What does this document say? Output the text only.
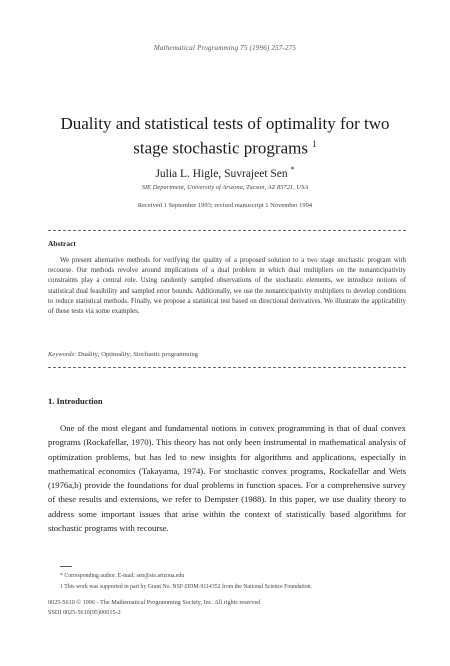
Mathematical Programming 75 (1996) 257-275
Duality and statistical tests of optimality for two
stage stochastic programs $^1$
Julia L. Higle, Suvrajeet Sen *
SIE Department, University of Arizona, Tucson, AZ 85721, USA
Received 1 September 1993; revised manuscript 1 November 1994
Abstract
We present alternative methods for verifying the quality of a proposed solution to a two stage stochastic program with recourse. Our methods revolve around implications of a dual problem in which dual multipliers on the nonanticipativity constraints play a central role. Using randomly sampled observations of the stochastic elements, we introduce notions of statistical dual feasibility and sampled error bounds. Additionally, we use the nonanticipativity multipliers to develop conditions to reduce statistical methods. Finally, we propose a statistical test based on directional derivatives. We illustrate the applicability of these tests via some examples.
Keywords: Duality; Optimality; Stochastic programming
1. Introduction
One of the most elegant and fundamental notions in convex programming is that of dual convex programs (Rockafellar, 1970). This theory has not only been instrumental in mathematical analysis of optimization problems, but has led to new insights for algorithms and applications, especially in mathematical economics (Takayama, 1974). For stochastic convex programs, Rockafellar and Wets (1976a,b) provide the foundations for dual problems in function spaces. For a comprehensive survey of these results and extensions, we refer to Dempster (1988). In this paper, we use duality theory to address some important issues that arise within the context of statistically based algorithms for stochastic programs with recourse.
* Corresponding author. E-mail: sen@sie.arizona.edu
1 This work was supported in part by Grant No. NSF-DDM-9114352 from the National Science Foundation.
0025-5610 © 1996 - The Mathematical Programming Society, Inc. All rights reserved
SSDI 0025-5610(95)00015-2
